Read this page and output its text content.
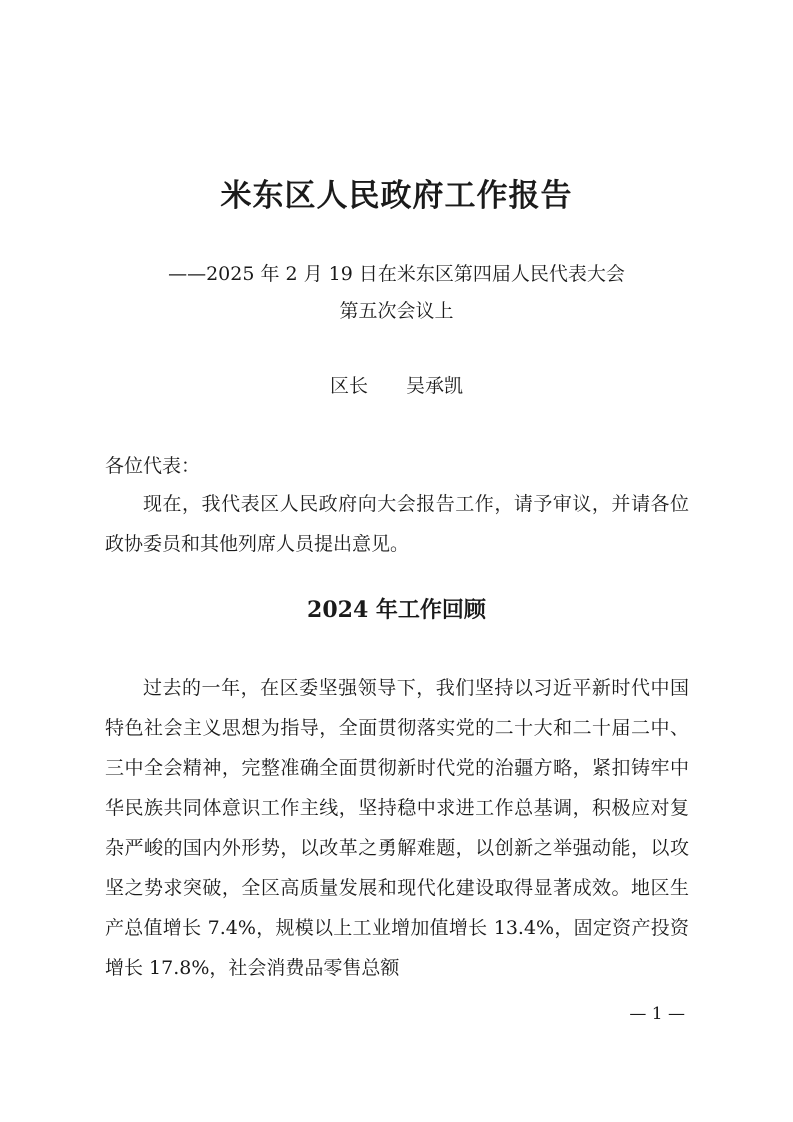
米东区人民政府工作报告

——2025 年 2 月 19 日在米东区第四届人民代表大会

第五次会议上

区长 吴承凯

各位代表：

现在，我代表区人民政府向大会报告工作，请予审议，并请各位政协委员和其他列席人员提出意见。

2024 年工作回顾

过去的一年，在区委坚强领导下，我们坚持以习近平新时代中国特色社会主义思想为指导，全面贯彻落实党的二十大和二十届二中、三中全会精神，完整准确全面贯彻新时代党的治疆方略，紧扣铸牢中华民族共同体意识工作主线，坚持稳中求进工作总基调，积极应对复杂严峻的国内外形势，以改革之勇解难题，以创新之举强动能，以攻坚之势求突破，全区高质量发展和现代化建设取得显著成效。地区生产总值增长 7.4%，规模以上工业增加值增长 13.4%，固定资产投资增长 17.8%，社会消费品零售总额

— 1 —
